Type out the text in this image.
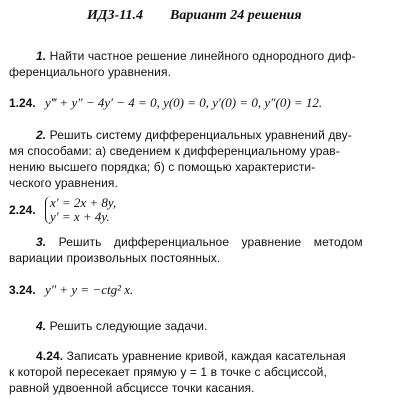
ИДЗ-11.4 Вариант 24 решения
1. Найти частное решение линейного однородного диф-
ференциального уравнения.
1.24. y‴ + y″ − 4y′ − 4 = 0, y(0) = 0, y′(0) = 0, y″(0) = 12.
2. Решить систему дифференциальных уравнений дву-
мя способами: а) сведением к дифференциальному урав-
нению высшего порядка; б) с помощью характеристи-
ческого уравнения.
2.24. x′ = 2x + 8y,
y′ = x + 4y.
3. Решить дифференциальное уравнение методом
вариации произвольных постоянных.
3.24. y″ + y = −ctg² x.
4. Решить следующие задачи.
4.24. Записать уравнение кривой, каждая касательная
к которой пересекает прямую y = 1 в точке с абсциссой,
равной удвоенной абсциссе точки касания.
